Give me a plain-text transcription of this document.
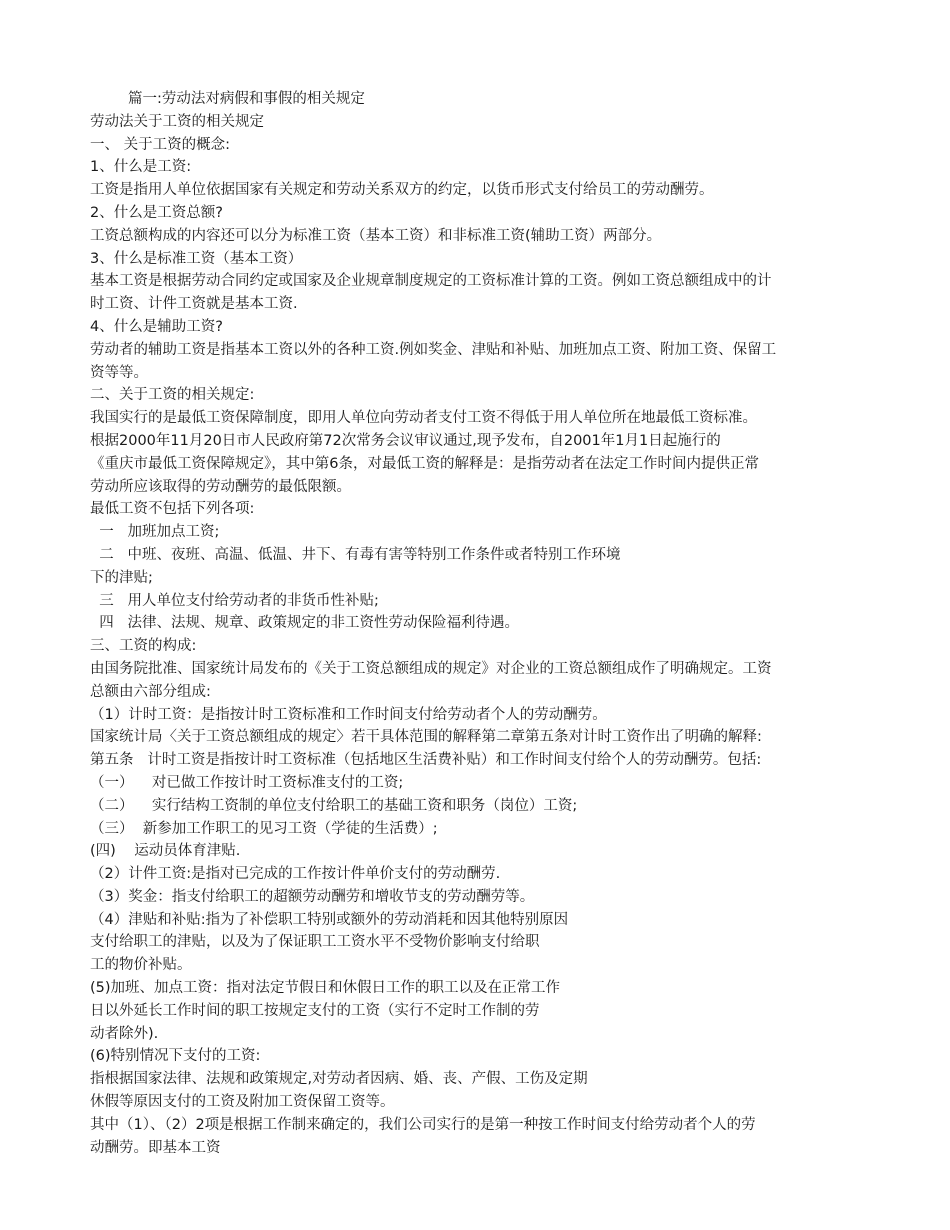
篇一:劳动法对病假和事假的相关规定
劳动法关于工资的相关规定
一、 关于工资的概念:
1、什么是工资:
工资是指用人单位依据国家有关规定和劳动关系双方的约定，以货币形式支付给员工的劳动酬劳。
2、什么是工资总额?
工资总额构成的内容还可以分为标准工资（基本工资）和非标准工资(辅助工资）两部分。
3、什么是标准工资（基本工资）
基本工资是根据劳动合同约定或国家及企业规章制度规定的工资标准计算的工资。例如工资总额组成中的计
时工资、计件工资就是基本工资.
4、什么是辅助工资?
劳动者的辅助工资是指基本工资以外的各种工资.例如奖金、津贴和补贴、加班加点工资、附加工资、保留工
资等等。
二、关于工资的相关规定:
我国实行的是最低工资保障制度，即用人单位向劳动者支付工资不得低于用人单位所在地最低工资标准。
根据2000年11月20日市人民政府第72次常务会议审议通过,现予发布，自2001年1月1日起施行的
《重庆市最低工资保障规定》，其中第6条，对最低工资的解释是：是指劳动者在法定工作时间内提供正常
劳动所应该取得的劳动酬劳的最低限额。
最低工资不包括下列各项:
一   加班加点工资;
二   中班、夜班、高温、低温、井下、有毒有害等特别工作条件或者特别工作环境
下的津贴;
三   用人单位支付给劳动者的非货币性补贴;
四   法律、法规、规章、政策规定的非工资性劳动保险福利待遇。
三、工资的构成:
由国务院批准、国家统计局发布的《关于工资总额组成的规定》对企业的工资总额组成作了明确规定。工资
总额由六部分组成:
（1）计时工资：是指按计时工资标准和工作时间支付给劳动者个人的劳动酬劳。
国家统计局〈关于工资总额组成的规定〉若干具体范围的解释第二章第五条对计时工资作出了明确的解释:
第五条   计时工资是指按计时工资标准（包括地区生活费补贴）和工作时间支付给个人的劳动酬劳。包括:
（一）    对已做工作按计时工资标准支付的工资;
（二）    实行结构工资制的单位支付给职工的基础工资和职务（岗位）工资;
（三）  新参加工作职工的见习工资（学徒的生活费）;
(四)    运动员体育津贴.
（2）计件工资:是指对已完成的工作按计件单价支付的劳动酬劳.
（3）奖金：指支付给职工的超额劳动酬劳和增收节支的劳动酬劳等。
（4）津贴和补贴:指为了补偿职工特别或额外的劳动消耗和因其他特别原因
支付给职工的津贴，以及为了保证职工工资水平不受物价影响支付给职
工的物价补贴。
(5)加班、加点工资：指对法定节假日和休假日工作的职工以及在正常工作
日以外延长工作时间的职工按规定支付的工资（实行不定时工作制的劳
动者除外).
(6)特别情况下支付的工资:
指根据国家法律、法规和政策规定,对劳动者因病、婚、丧、产假、工伤及定期
休假等原因支付的工资及附加工资保留工资等。
其中（1）、（2）2项是根据工作制来确定的，我们公司实行的是第一种按工作时间支付给劳动者个人的劳
动酬劳。即基本工资
